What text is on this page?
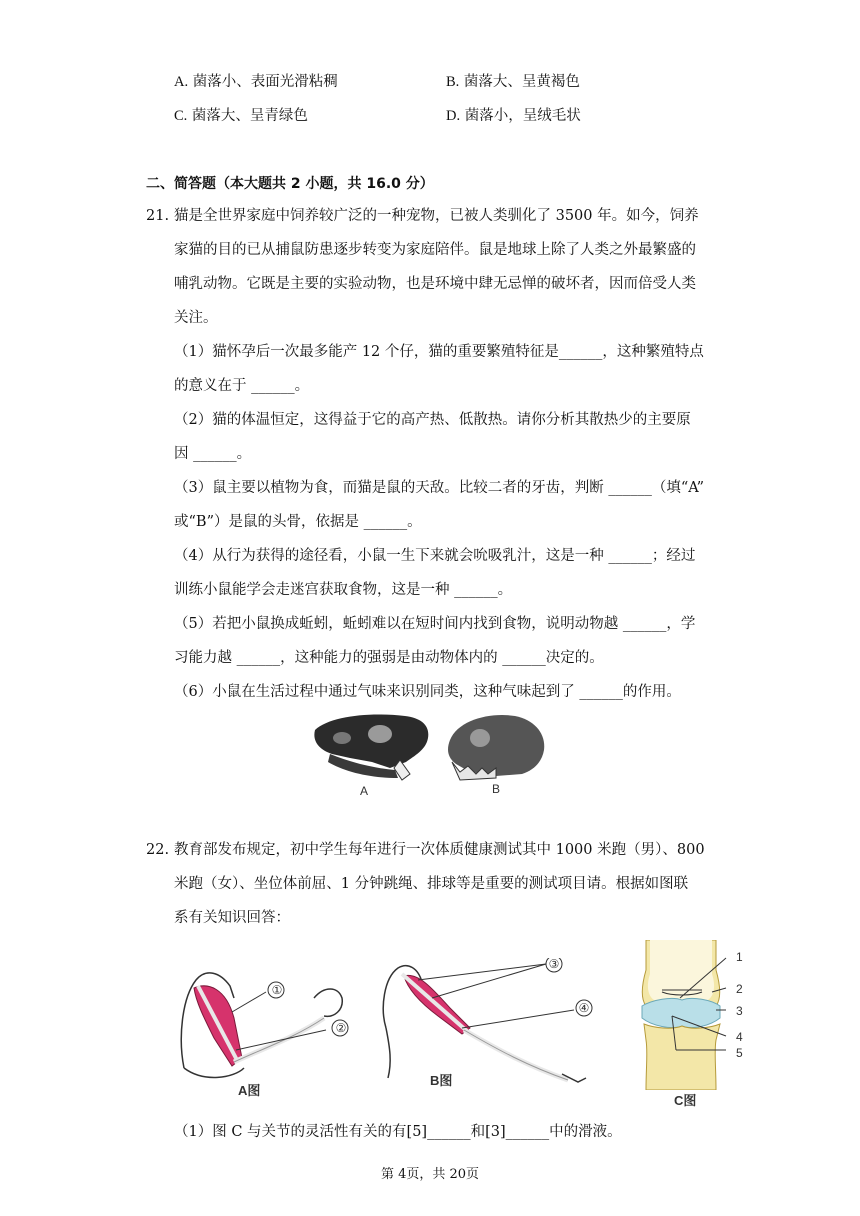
A. 菌落小、表面光滑粘稠	B. 菌落大、呈黄褐色
C. 菌落大、呈青绿色	D. 菌落小，呈绒毛状
二、简答题（本大题共 2 小题，共 16.0 分）
21. 猫是全世界家庭中饲养较广泛的一种宠物，已被人类驯化了 3500 年。如今，饲养
家猫的目的已从捕鼠防患逐步转变为家庭陪伴。鼠是地球上除了人类之外最繁盛的
哺乳动物。它既是主要的实验动物，也是环境中肆无忌惮的破坏者，因而倍受人类
关注。
（1）猫怀孕后一次最多能产 12 个仔，猫的重要繁殖特征是______，这种繁殖特点
的意义在于 ______。
（2）猫的体温恒定，这得益于它的高产热、低散热。请你分析其散热少的主要原
因 ______。
（3）鼠主要以植物为食，而猫是鼠的天敌。比较二者的牙齿，判断 ______（填“A”
或“B”）是鼠的头骨，依据是 ______。
（4）从行为获得的途径看，小鼠一生下来就会吮吸乳汁，这是一种 ______；经过
训练小鼠能学会走迷宫获取食物，这是一种 ______。
（5）若把小鼠换成蚯蚓，蚯蚓难以在短时间内找到食物，说明动物越 ______，学
习能力越 ______，这种能力的强弱是由动物体内的 ______决定的。
（6）小鼠在生活过程中通过气味来识别同类，这种气味起到了 ______的作用。
A	B
22. 教育部发布规定，初中学生每年进行一次体质健康测试其中 1000 米跑（男）、800
米跑（女）、坐位体前屈、1 分钟跳绳、排球等是重要的测试项目请。根据如图联
系有关知识回答：
①
②
A图
③
④
B图
1
2
3
4
5
C图
（1）图 C 与关节的灵活性有关的有[5]______和[3]______中的滑液。
第 4页，共 20页
